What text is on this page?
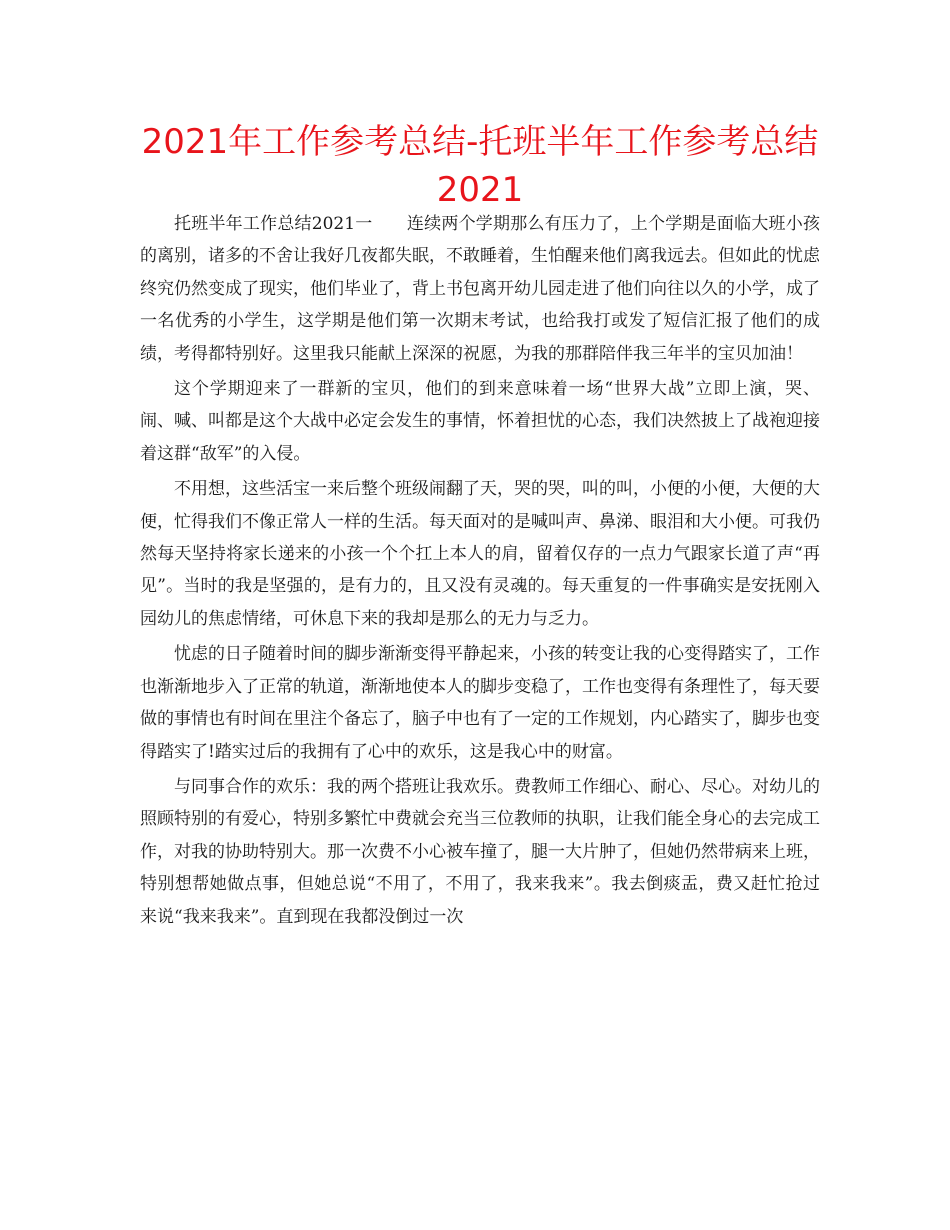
2021年工作参考总结-托班半年工作参考总结2021

托班半年工作总结2021一　　连续两个学期那么有压力了，上个学期是面临大班小孩的离别，诸多的不舍让我好几夜都失眠，不敢睡着，生怕醒来他们离我远去。但如此的忧虑终究仍然变成了现实，他们毕业了，背上书包离开幼儿园走进了他们向往以久的小学，成了一名优秀的小学生，这学期是他们第一次期末考试，也给我打或发了短信汇报了他们的成绩，考得都特别好。这里我只能献上深深的祝愿，为我的那群陪伴我三年半的宝贝加油！

这个学期迎来了一群新的宝贝，他们的到来意味着一场“世界大战”立即上演，哭、闹、喊、叫都是这个大战中必定会发生的事情，怀着担忧的心态，我们决然披上了战袍迎接着这群“敌军”的入侵。

不用想，这些活宝一来后整个班级闹翻了天，哭的哭，叫的叫，小便的小便，大便的大便，忙得我们不像正常人一样的生活。每天面对的是喊叫声、鼻涕、眼泪和大小便。可我仍然每天坚持将家长递来的小孩一个个扛上本人的肩，留着仅存的一点力气跟家长道了声“再见”。当时的我是坚强的，是有力的，且又没有灵魂的。每天重复的一件事确实是安抚刚入园幼儿的焦虑情绪，可休息下来的我却是那么的无力与乏力。

忧虑的日子随着时间的脚步渐渐变得平静起来，小孩的转变让我的心变得踏实了，工作也渐渐地步入了正常的轨道，渐渐地使本人的脚步变稳了，工作也变得有条理性了，每天要做的事情也有时间在里注个备忘了，脑子中也有了一定的工作规划，内心踏实了，脚步也变得踏实了!踏实过后的我拥有了心中的欢乐，这是我心中的财富。

与同事合作的欢乐：我的两个搭班让我欢乐。费教师工作细心、耐心、尽心。对幼儿的照顾特别的有爱心，特别多繁忙中费就会充当三位教师的执职，让我们能全身心的去完成工作，对我的协助特别大。那一次费不小心被车撞了，腿一大片肿了，但她仍然带病来上班，特别想帮她做点事，但她总说“不用了，不用了，我来我来”。我去倒痰盂，费又赶忙抢过来说“我来我来”。直到现在我都没倒过一次
